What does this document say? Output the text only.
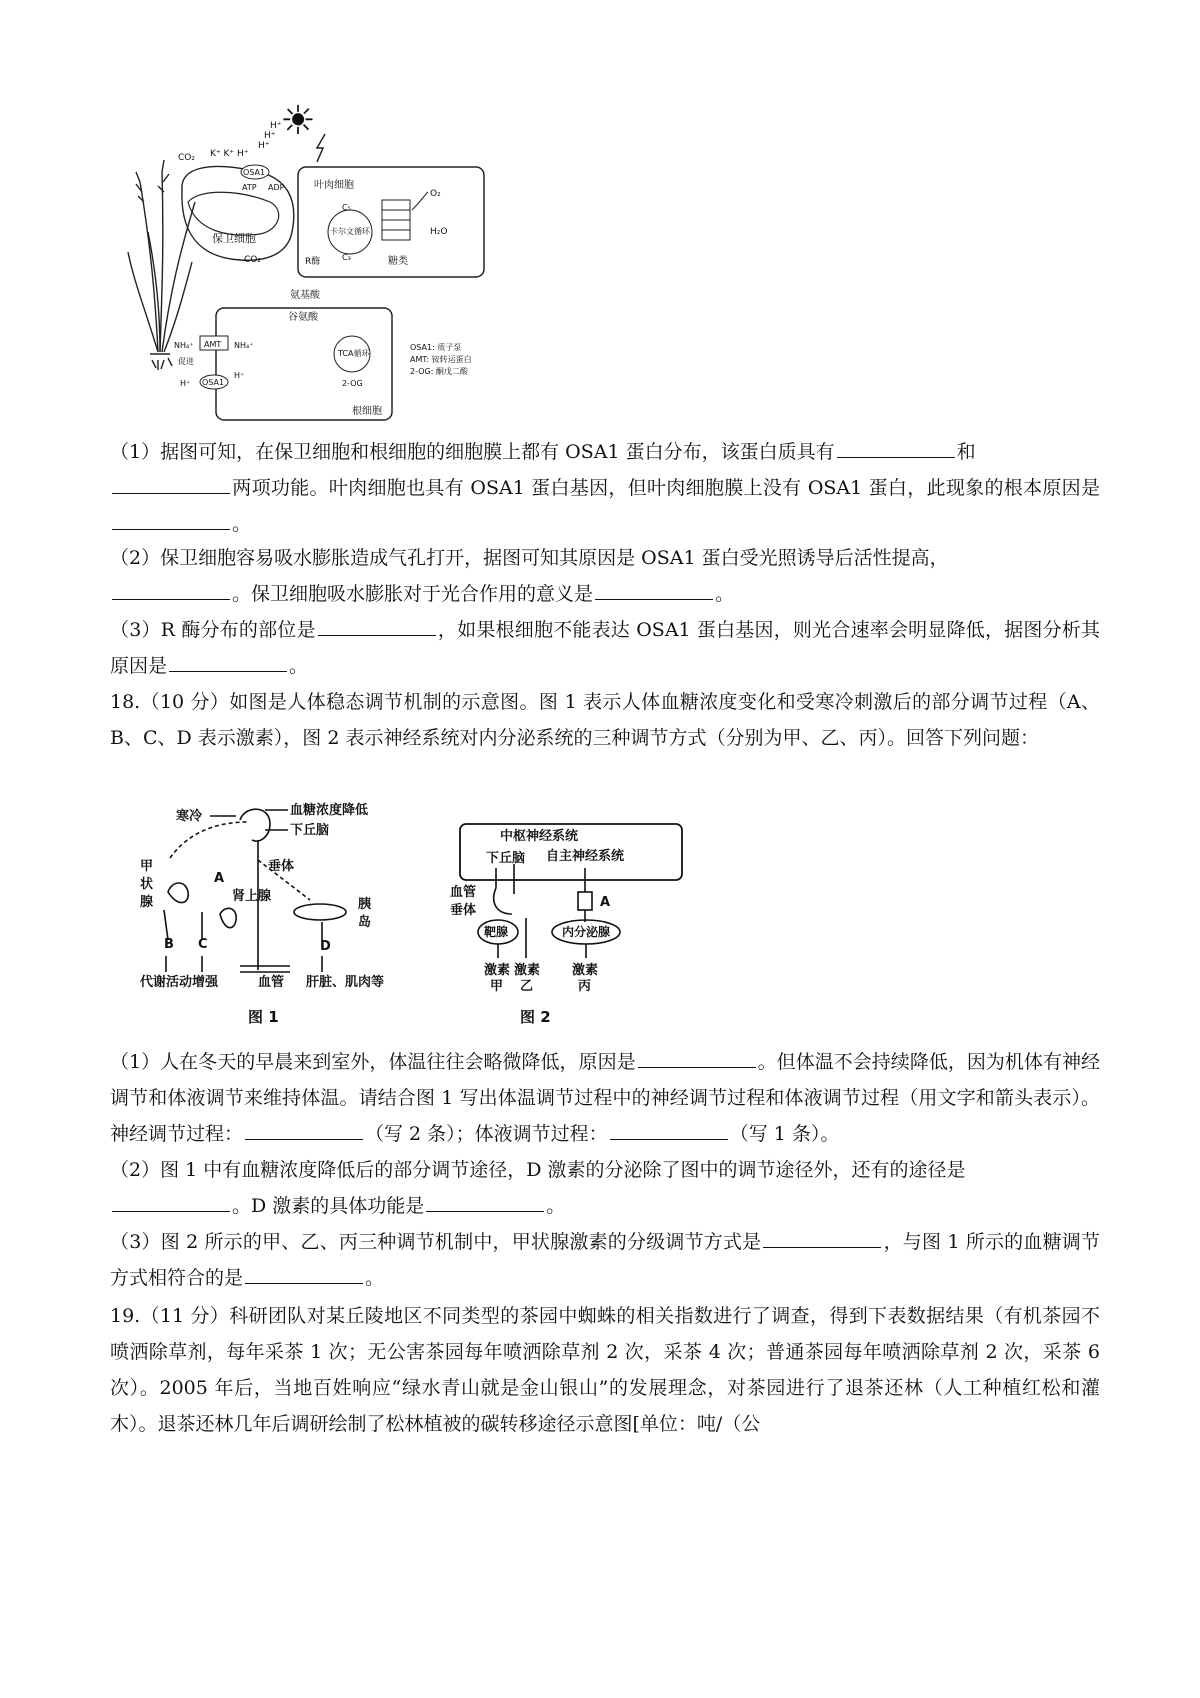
☀
H⁺
H⁺
H⁺
CO₂ K⁺ K⁺ H⁺
OSA1
ATP ADP
保卫细胞
CO₂
叶肉细胞
C₅
卡尔文循环
C₃
R酶
O₂
H₂O
糖类
氨基酸
谷氨酸
TCA循环
2-OG
AMT
NH₄⁺	NH₄⁺
促进
OSA1
H⁺
H⁺
根细胞
OSA1: 质子泵
AMT: 铵转运蛋白
2-OG: 酮戊二酸
（1）据图可知，在保卫细胞和根细胞的细胞膜上都有 OSA1 蛋白分布，该蛋白质具有	和
两项功能。叶肉细胞也具有 OSA1 蛋白基因，但叶肉细胞膜上没有 OSA1 蛋白，此现象的根本原因是。
（2）保卫细胞容易吸水膨胀造成气孔打开，据图可知其原因是 OSA1 蛋白受光照诱导后活性提高，
。保卫细胞吸水膨胀对于光合作用的意义是	。
（3）R 酶分布的部位是	，如果根细胞不能表达 OSA1 蛋白基因，则光合速率会明显降低，据图分析其原因是	。
18.（10 分）如图是人体稳态调节机制的示意图。图 1 表示人体血糖浓度变化和受寒冷刺激后的部分调节过程（A、B、C、D 表示激素），图 2 表示神经系统对内分泌系统的三种调节方式（分别为甲、乙、丙）。回答下列问题：
寒冷	血糖浓度降低
下丘脑
垂体
肾上腺
A
B C	D
代谢活动增强	血管 肝脏、肌肉等
甲
状
腺	胰
岛
图 1
中枢神经系统
下丘脑 自主神经系统
血管
垂体
A
靶腺	内分泌腺
激素
甲
激素
乙
激素
丙
图 2
（1）人在冬天的早晨来到室外，体温往往会略微降低，原因是	。但体温不会持续降低，因为机体有神经调节和体液调节来维持体温。请结合图 1 写出体温调节过程中的神经调节过程和体液调节过程（用文字和箭头表示）。神经调节过程：	（写 2 条）；体液调节过程：	（写 1 条）。
（2）图 1 中有血糖浓度降低后的部分调节途径，D 激素的分泌除了图中的调节途径外，还有的途径是
。D 激素的具体功能是	。
（3）图 2 所示的甲、乙、丙三种调节机制中，甲状腺激素的分级调节方式是	，与图 1 所示的血糖调节方式相符合的是	。
19.（11 分）科研团队对某丘陵地区不同类型的茶园中蜘蛛的相关指数进行了调查，得到下表数据结果（有机茶园不喷洒除草剂，每年采茶 1 次；无公害茶园每年喷洒除草剂 2 次，采茶 4 次；普通茶园每年喷洒除草剂 2 次，采茶 6 次）。2005 年后，当地百姓响应“绿水青山就是金山银山”的发展理念，对茶园进行了退茶还林（人工种植红松和灌木）。退茶还林几年后调研绘制了松林植被的碳转移途径示意图[单位：吨/（公
